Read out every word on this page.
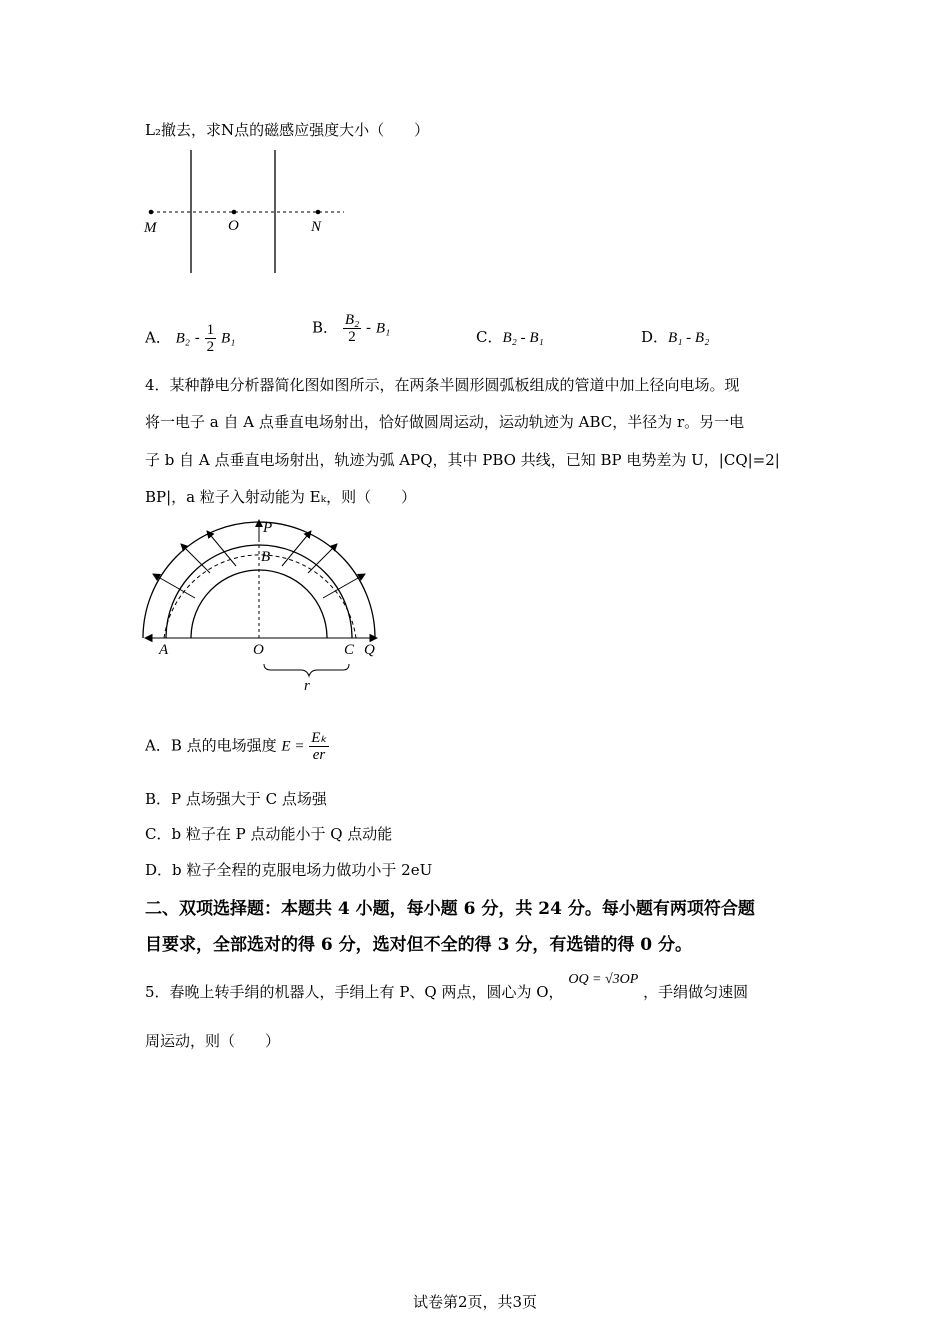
L₂撤去，求N点的磁感应强度大小（　　）
M	O	N
A． $B_2 - \frac{1}{2} B_1$
B． $\frac{\text{B₂}}{2} - B_1$	C．B₂ - B₁	D．B₁ - B₂
4．某种静电分析器简化图如图所示，在两条半圆形圆弧板组成的管道中加上径向电场。现
将一电子 a 自 A 点垂直电场射出，恰好做圆周运动，运动轨迹为 ABC，半径为 r。另一电
子 b 自 A 点垂直电场射出，轨迹为弧 APQ，其中 PBO 共线，已知 BP 电势差为 U，|CQ|=2|
BP|，a 粒子入射动能为 Eₖ，则（　　）
P
B
A	O	C Q
r
A．B 点的电场强度 $E = \frac{\text{Eₖ}}{er}$
B．P 点场强大于 C 点场强
C．b 粒子在 P 点动能小于 Q 点动能
D．b 粒子全程的克服电场力做功小于 2eU
二、双项选择题：本题共 4 小题，每小题 6 分，共 24 分。每小题有两项符合题
目要求，全部选对的得 6 分，选对但不全的得 3 分，有选错的得 0 分。
5．春晚上转手绢的机器人，手绢上有 P、Q 两点，圆心为 O， OQ = √3OP ，手绢做匀速圆
周运动，则（　　）
试卷第2页，共3页
